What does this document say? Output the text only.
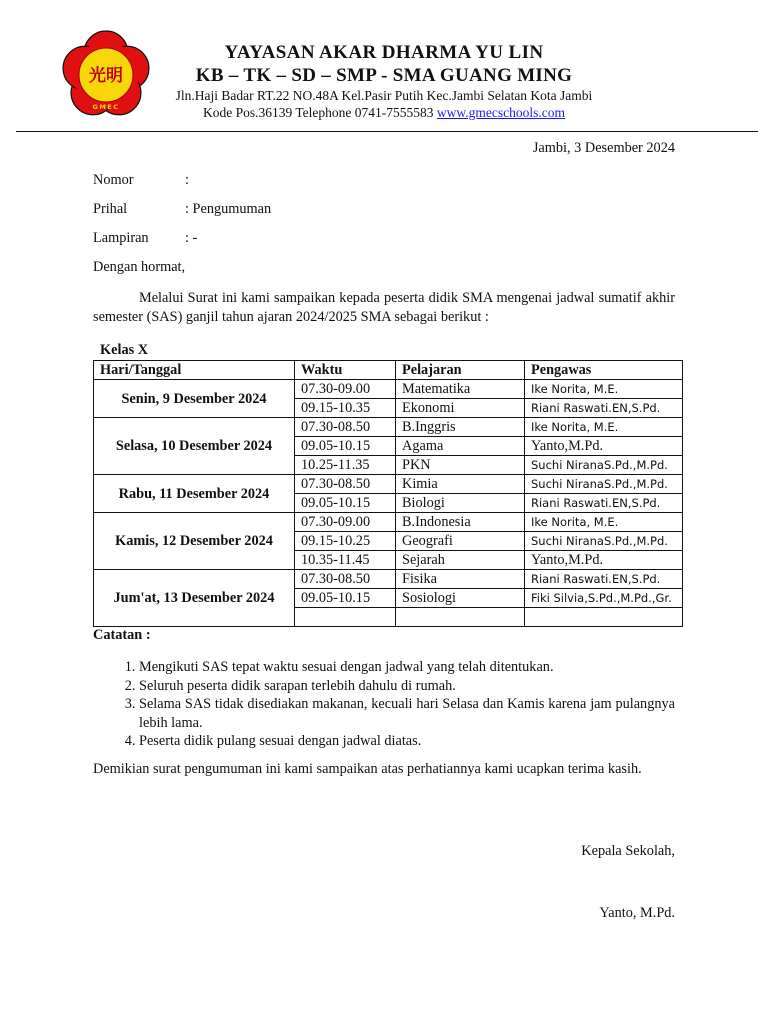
光明
GMEC
YAYASAN AKAR DHARMA YU LIN
KB – TK – SD – SMP - SMA GUANG MING
Jln.Haji Badar RT.22 NO.48A Kel.Pasir Putih Kec.Jambi Selatan Kota Jambi
Kode Pos.36139 Telephone 0741-7555583 www.gmecschools.com
Jambi, 3 Desember 2024
Nomor	:
Prihal	: Pengumuman
Lampiran	: -
Dengan hormat,
Melalui Surat ini kami sampaikan kepada peserta didik SMA mengenai jadwal sumatif akhir semester (SAS) ganjil tahun ajaran 2024/2025 SMA sebagai berikut :
Kelas X
Hari/Tanggal	Waktu	Pelajaran	Pengawas
Senin, 9 Desember 2024	07.30-09.00	Matematika	Ike Norita, M.E.
	09.15-10.35	Ekonomi	Riani Raswati.EN,S.Pd.
Selasa, 10 Desember 2024	07.30-08.50	B.Inggris	Ike Norita, M.E.
	09.05-10.15	Agama	Yanto,M.Pd.
	10.25-11.35	PKN	Suchi NiranaS.Pd.,M.Pd.
Rabu, 11 Desember 2024	07.30-08.50	Kimia	Suchi NiranaS.Pd.,M.Pd.
	09.05-10.15	Biologi	Riani Raswati.EN,S.Pd.
Kamis, 12 Desember 2024	07.30-09.00	B.Indonesia	Ike Norita, M.E.
	09.15-10.25	Geografi	Suchi NiranaS.Pd.,M.Pd.
	10.35-11.45	Sejarah	Yanto,M.Pd.
Jum'at, 13 Desember 2024	07.30-08.50	Fisika	Riani Raswati.EN,S.Pd.
	09.05-10.15	Sosiologi	Fiki Silvia,S.Pd.,M.Pd.,Gr.

Catatan :
1. Mengikuti SAS tepat waktu sesuai dengan jadwal yang telah ditentukan.
2. Seluruh peserta didik sarapan terlebih dahulu di rumah.
3. Selama SAS tidak disediakan makanan, kecuali hari Selasa dan Kamis karena jam pulangnya lebih lama.
4. Peserta didik pulang sesuai dengan jadwal diatas.
Demikian surat pengumuman ini kami sampaikan atas perhatiannya kami ucapkan terima kasih.
Kepala Sekolah,
Yanto, M.Pd.
